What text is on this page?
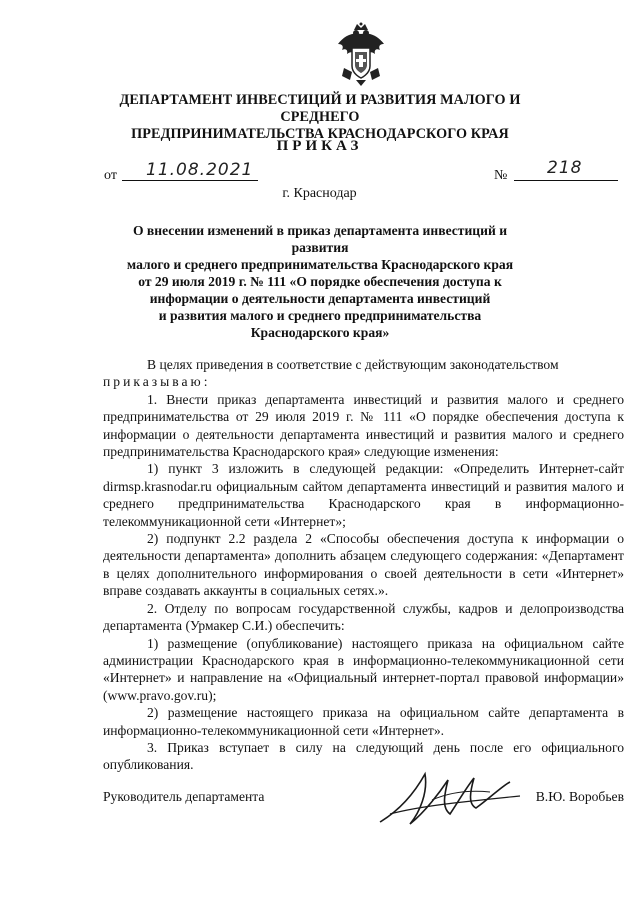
ДЕПАРТАМЕНТ ИНВЕСТИЦИЙ И РАЗВИТИЯ МАЛОГО И СРЕДНЕГО
ПРЕДПРИНИМАТЕЛЬСТВА КРАСНОДАРСКОГО КРАЯ
ПРИКАЗ
от 11.08.2021	№ 218
г. Краснодар
О внесении изменений в приказ департамента инвестиций и развития
малого и среднего предпринимательства Краснодарского края
от 29 июля 2019 г. № 111 «О порядке обеспечения доступа к
информации о деятельности департамента инвестиций
и развития малого и среднего предпринимательства
Краснодарского края»

В целях приведения в соответствие с действующим законодательством

приказываю:

1. Внести приказ департамента инвестиций и развития малого и среднего предпринимательства от 29 июля 2019 г. № 111 «О порядке обеспечения доступа к информации о деятельности департамента инвестиций и развития малого и среднего предпринимательства Краснодарского края» следующие изменения:

1) пункт 3 изложить в следующей редакции: «Определить Интернет-сайт dirmsp.krasnodar.ru официальным сайтом департамента инвестиций и развития малого и среднего предпринимательства Краснодарского края в информационно-телекоммуникационной сети «Интернет»;

2) подпункт 2.2 раздела 2 «Способы обеспечения доступа к информации о деятельности департамента» дополнить абзацем следующего содержания: «Департамент в целях дополнительного информирования о своей деятельности в сети «Интернет» вправе создавать аккаунты в социальных сетях.».

2. Отделу по вопросам государственной службы, кадров и делопроизводства департамента (Урмакер С.И.) обеспечить:

1) размещение (опубликование) настоящего приказа на официальном сайте администрации Краснодарского края в информационно-телекоммуникационной сети «Интернет» и направление на «Официальный интернет-портал правовой информации» (www.pravo.gov.ru);

2) размещение настоящего приказа на официальном сайте департамента в информационно-телекоммуникационной сети «Интернет».

3. Приказ вступает в силу на следующий день после его официального опубликования.

Руководитель департамента	В.Ю. Воробьев
